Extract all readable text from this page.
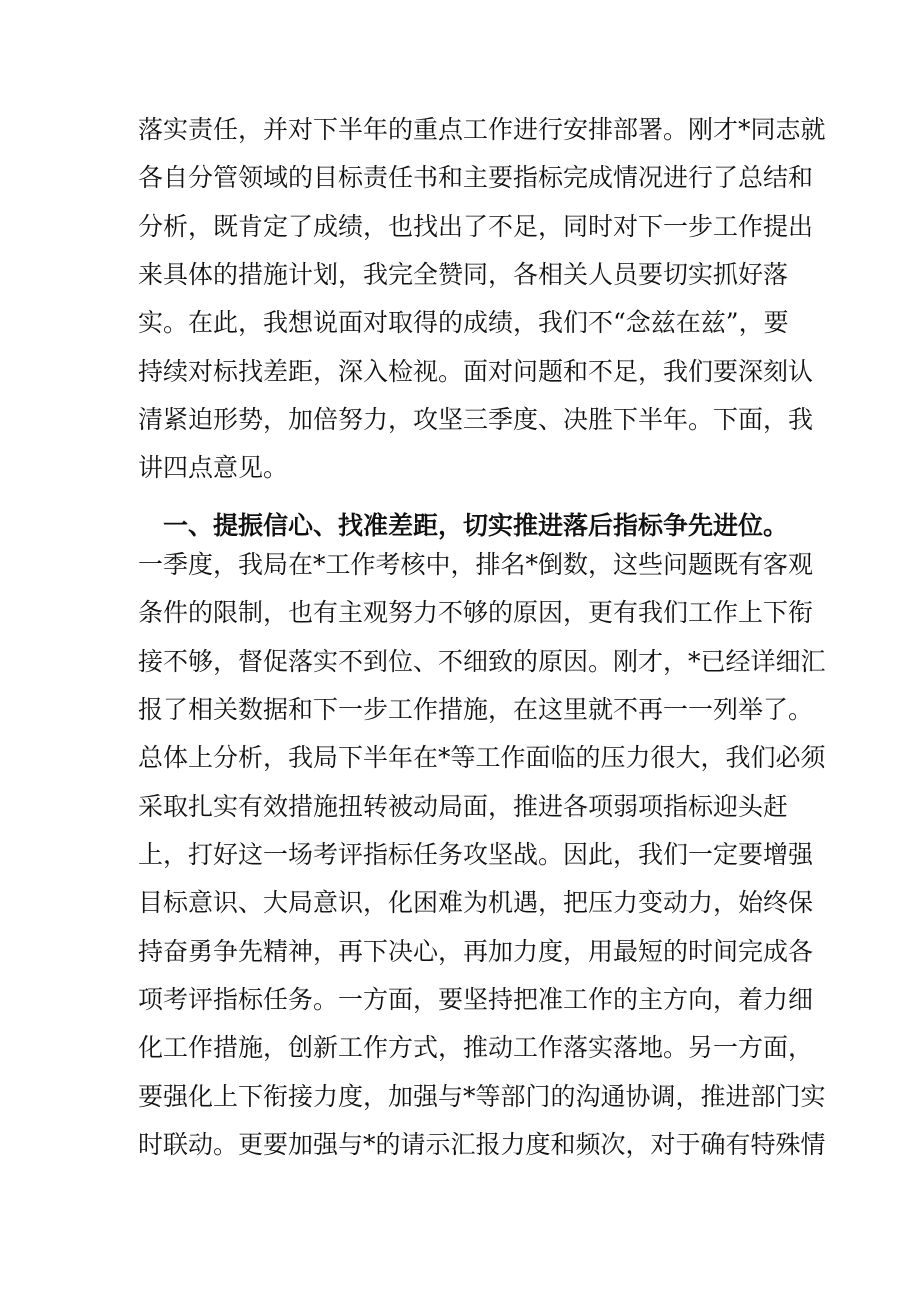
落实责任，并对下半年的重点工作进行安排部署。刚才*同志就
各自分管领域的目标责任书和主要指标完成情况进行了总结和
分析，既肯定了成绩，也找出了不足，同时对下一步工作提出
来具体的措施计划，我完全赞同，各相关人员要切实抓好落
实。在此，我想说面对取得的成绩，我们不“念兹在兹”，要
持续对标找差距，深入检视。面对问题和不足，我们要深刻认
清紧迫形势，加倍努力，攻坚三季度、决胜下半年。下面，我
讲四点意见。
一、提振信心、找准差距，切实推进落后指标争先进位。
一季度，我局在*工作考核中，排名*倒数，这些问题既有客观
条件的限制，也有主观努力不够的原因，更有我们工作上下衔
接不够，督促落实不到位、不细致的原因。刚才，*已经详细汇
报了相关数据和下一步工作措施，在这里就不再一一列举了。
总体上分析，我局下半年在*等工作面临的压力很大，我们必须
采取扎实有效措施扭转被动局面，推进各项弱项指标迎头赶
上，打好这一场考评指标任务攻坚战。因此，我们一定要增强
目标意识、大局意识，化困难为机遇，把压力变动力，始终保
持奋勇争先精神，再下决心，再加力度，用最短的时间完成各
项考评指标任务。一方面，要坚持把准工作的主方向，着力细
化工作措施，创新工作方式，推动工作落实落地。另一方面，
要强化上下衔接力度，加强与*等部门的沟通协调，推进部门实
时联动。更要加强与*的请示汇报力度和频次，对于确有特殊情
